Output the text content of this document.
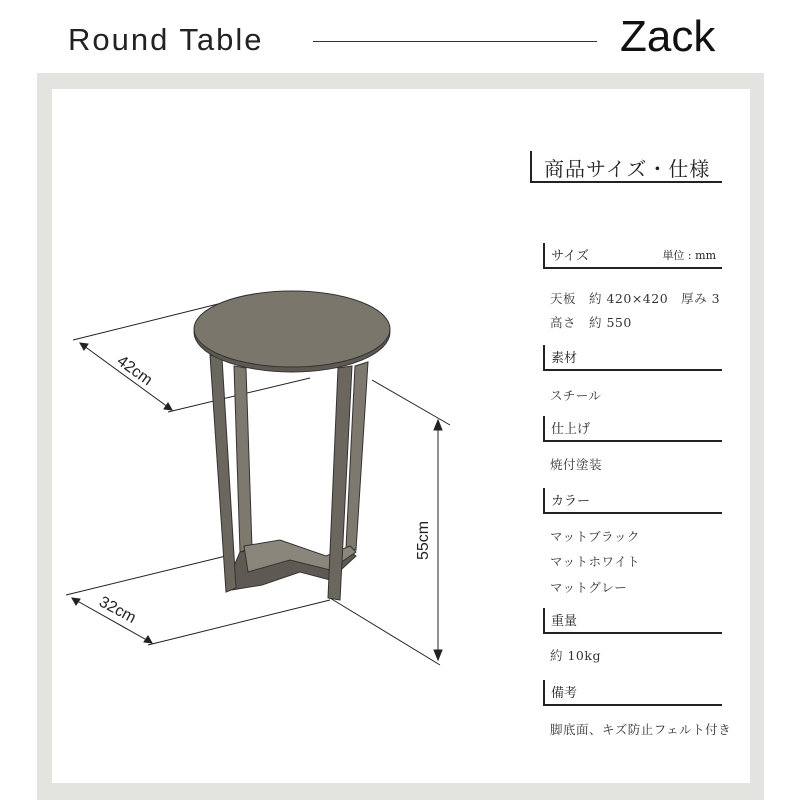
Round Table	Zack
42cm
55cm
32cm
商品サイズ・仕様
サイズ	単位 : mm
天板　約 420×420　厚み 3
高さ　約 550
素材
スチール
仕上げ
焼付塗装
カラー
マットブラック
マットホワイト
マットグレー
重量
約 10kg
備考
脚底面、キズ防止フェルト付き
